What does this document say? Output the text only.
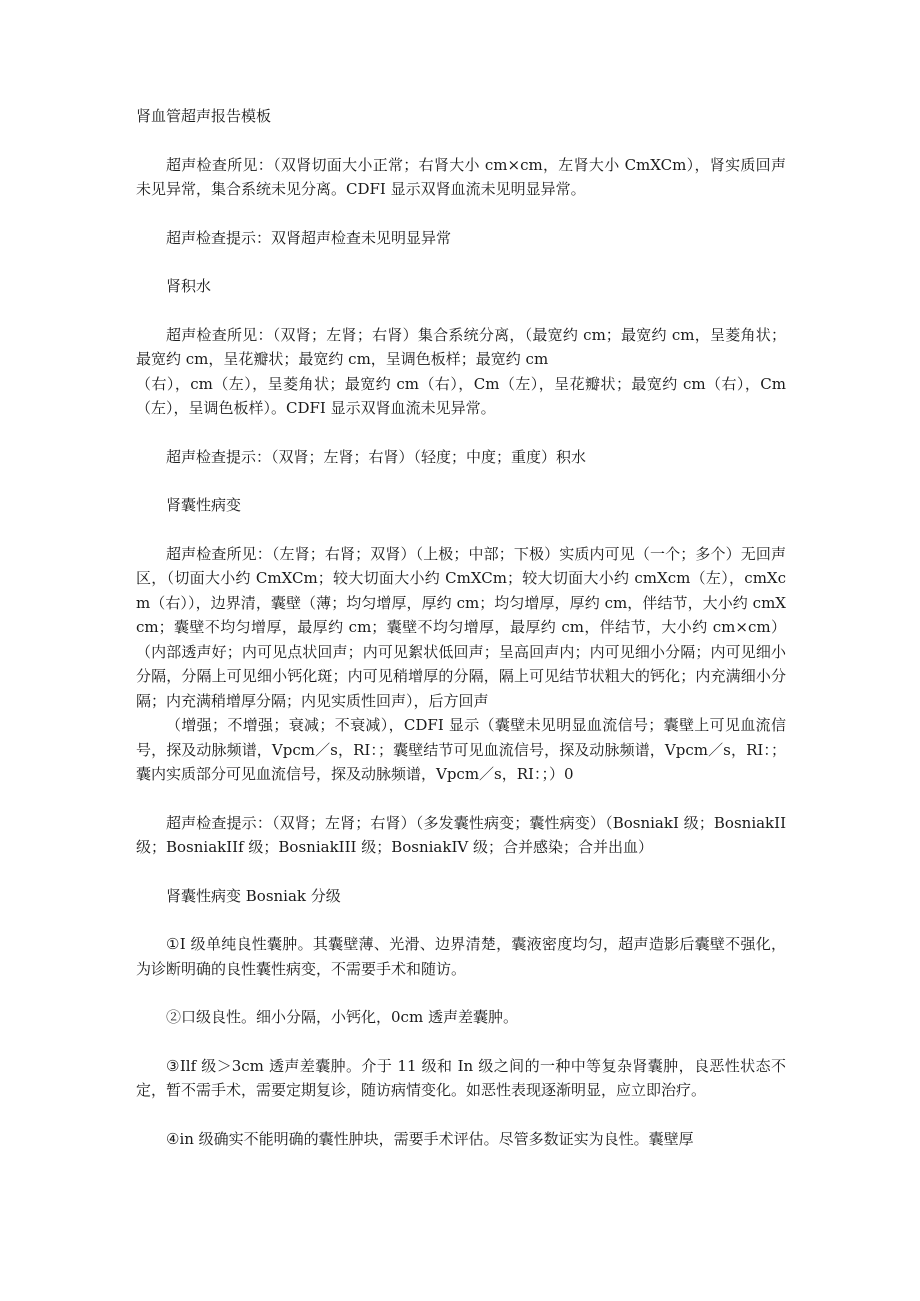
肾血管超声报告模板

超声检查所见：（双肾切面大小正常；右肾大小 cm×cm，左肾大小 CmXCm），肾实质回声未见异常，集合系统未见分离。CDFI 显示双肾血流未见明显异常。

超声检查提示：双肾超声检查未见明显异常

肾积水

超声检查所见：（双肾；左肾；右肾）集合系统分离，（最宽约 cm；最宽约 cm，呈菱角状；最宽约 cm，呈花瓣状；最宽约 cm，呈调色板样；最宽约 cm
（右），cm（左），呈菱角状；最宽约 cm（右），Cm（左），呈花瓣状；最宽约 cm（右），Cm（左），呈调色板样）。CDFI 显示双肾血流未见异常。

超声检查提示：（双肾；左肾；右肾）（轻度；中度；重度）积水

肾囊性病变

超声检查所见：（左肾；右肾；双肾）（上极；中部；下极）实质内可见（一个；多个）无回声区，（切面大小约 CmXCm；较大切面大小约 CmXCm；较大切面大小约 cmXcm（左），cmXcm（右）），边界清，囊壁（薄；均匀增厚，厚约 cm；均匀增厚，厚约 cm，伴结节，大小约 cmXcm；囊壁不均匀增厚，最厚约 cm；囊壁不均匀增厚，最厚约 cm，伴结节，大小约 cm×cm）（内部透声好；内可见点状回声；内可见絮状低回声；呈高回声内；内可见细小分隔；内可见细小分隔，分隔上可见细小钙化斑；内可见稍增厚的分隔，隔上可见结节状粗大的钙化；内充满细小分隔；内充满稍增厚分隔；内见实质性回声），后方回声
（增强；不增强；衰减；不衰减），CDFI 显示（囊壁未见明显血流信号；囊壁上可见血流信号，探及动脉频谱，Vpcm／s，RI：；囊壁结节可见血流信号，探及动脉频谱，Vpcm／s，RI：；囊内实质部分可见血流信号，探及动脉频谱，Vpcm／s，RI：；）0

超声检查提示：（双肾；左肾；右肾）（多发囊性病变；囊性病变）（BosniakI 级；BosniakII 级；BosniakIIf 级；BosniakIII 级；BosniakIV 级；合并感染；合并出血）

肾囊性病变 Bosniak 分级

①I 级单纯良性囊肿。其囊壁薄、光滑、边界清楚，囊液密度均匀，超声造影后囊壁不强化，为诊断明确的良性囊性病变，不需要手术和随访。

②口级良性。细小分隔，小钙化，0cm 透声差囊肿。

③Ilf 级＞3cm 透声差囊肿。介于 11 级和 In 级之间的一种中等复杂肾囊肿，良恶性状态不定，暂不需手术，需要定期复诊，随访病情变化。如恶性表现逐渐明显，应立即治疗。

④in 级确实不能明确的囊性肿块，需要手术评估。尽管多数证实为良性。囊壁厚
